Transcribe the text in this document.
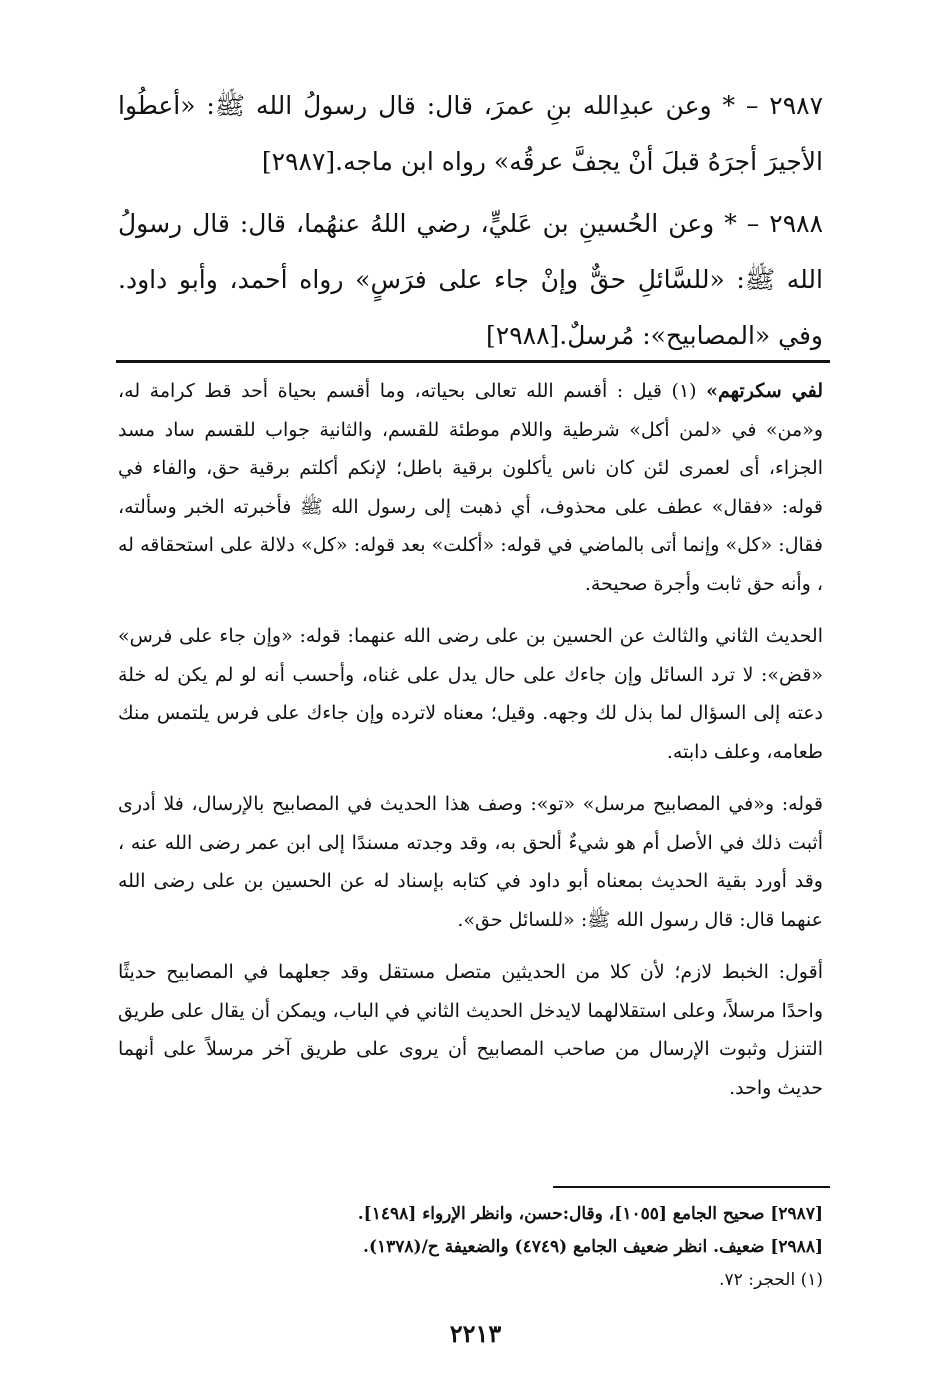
٢٩٨٧ – * وعن عبدِالله بنِ عمرَ، قال: قال رسولُ الله ﷺ: «أعطُوا الأجيرَ أجرَهُ قبلَ أنْ يجفَّ عرقُه» رواه ابن ماجه.[٢٩٨٧]

٢٩٨٨ – * وعن الحُسينِ بن عَليٍّ، رضي اللهُ عنهُما، قال: قال رسولُ الله ﷺ: «للسَّائلِ حقٌّ وإنْ جاء على فرَسٍ» رواه أحمد، وأبو داود. وفي «المصابيح»: مُرسلٌ.[٢٩٨٨]

لفي سكرتهم» (١) قيل : أقسم الله تعالى بحياته، وما أقسم بحياة أحد قط كرامة له، و«من» في «لمن أكل» شرطية واللام موطئة للقسم، والثانية جواب للقسم ساد مسد الجزاء، أى لعمرى لئن كان ناس يأكلون برقية باطل؛ لإنكم أكلتم برقية حق، والفاء في قوله: «فقال» عطف على محذوف، أي ذهبت إلى رسول الله ﷺ فأخبرته الخبر وسألته، فقال: «كل» وإنما أتى بالماضي في قوله: «أكلت» بعد قوله: «كل» دلالة على استحقاقه له ، وأنه حق ثابت وأجرة صحيحة.

الحديث الثاني والثالث عن الحسين بن على رضى الله عنهما: قوله: «وإن جاء على فرس» «قض»: لا ترد السائل وإن جاءك على حال يدل على غناه، وأحسب أنه لو لم يكن له خلة دعته إلى السؤال لما بذل لك وجهه. وقيل؛ معناه لاترده وإن جاءك على فرس يلتمس منك طعامه، وعلف دابته.

قوله: و«في المصابيح مرسل» «تو»: وصف هذا الحديث في المصابيح بالإرسال، فلا أدرى أثبت ذلك في الأصل أم هو شيءٌ ألحق به، وقد وجدته مسندًا إلى ابن عمر رضى الله عنه ، وقد أورد بقية الحديث بمعناه أبو داود في كتابه بإسناد له عن الحسين بن على رضى الله عنهما قال: قال رسول الله ﷺ: «للسائل حق».

أقول: الخبط لازم؛ لأن كلا من الحديثين متصل مستقل وقد جعلهما في المصابيح حديثًا واحدًا مرسلاً، وعلى استقلالهما لايدخل الحديث الثاني في الباب، ويمكن أن يقال على طريق التنزل وثبوت الإرسال من صاحب المصابيح أن يروى على طريق آخر مرسلاً على أنهما حديث واحد.

[٢٩٨٧] صحيح الجامع [١٠٥٥]، وقال:حسن، وانظر الإرواء [١٤٩٨].

[٢٩٨٨] ضعيف. انظر ضعيف الجامع (٤٧٤٩) والضعيفة ح/(١٣٧٨).

(١) الحجر: ٧٢.

٢٢١٣
